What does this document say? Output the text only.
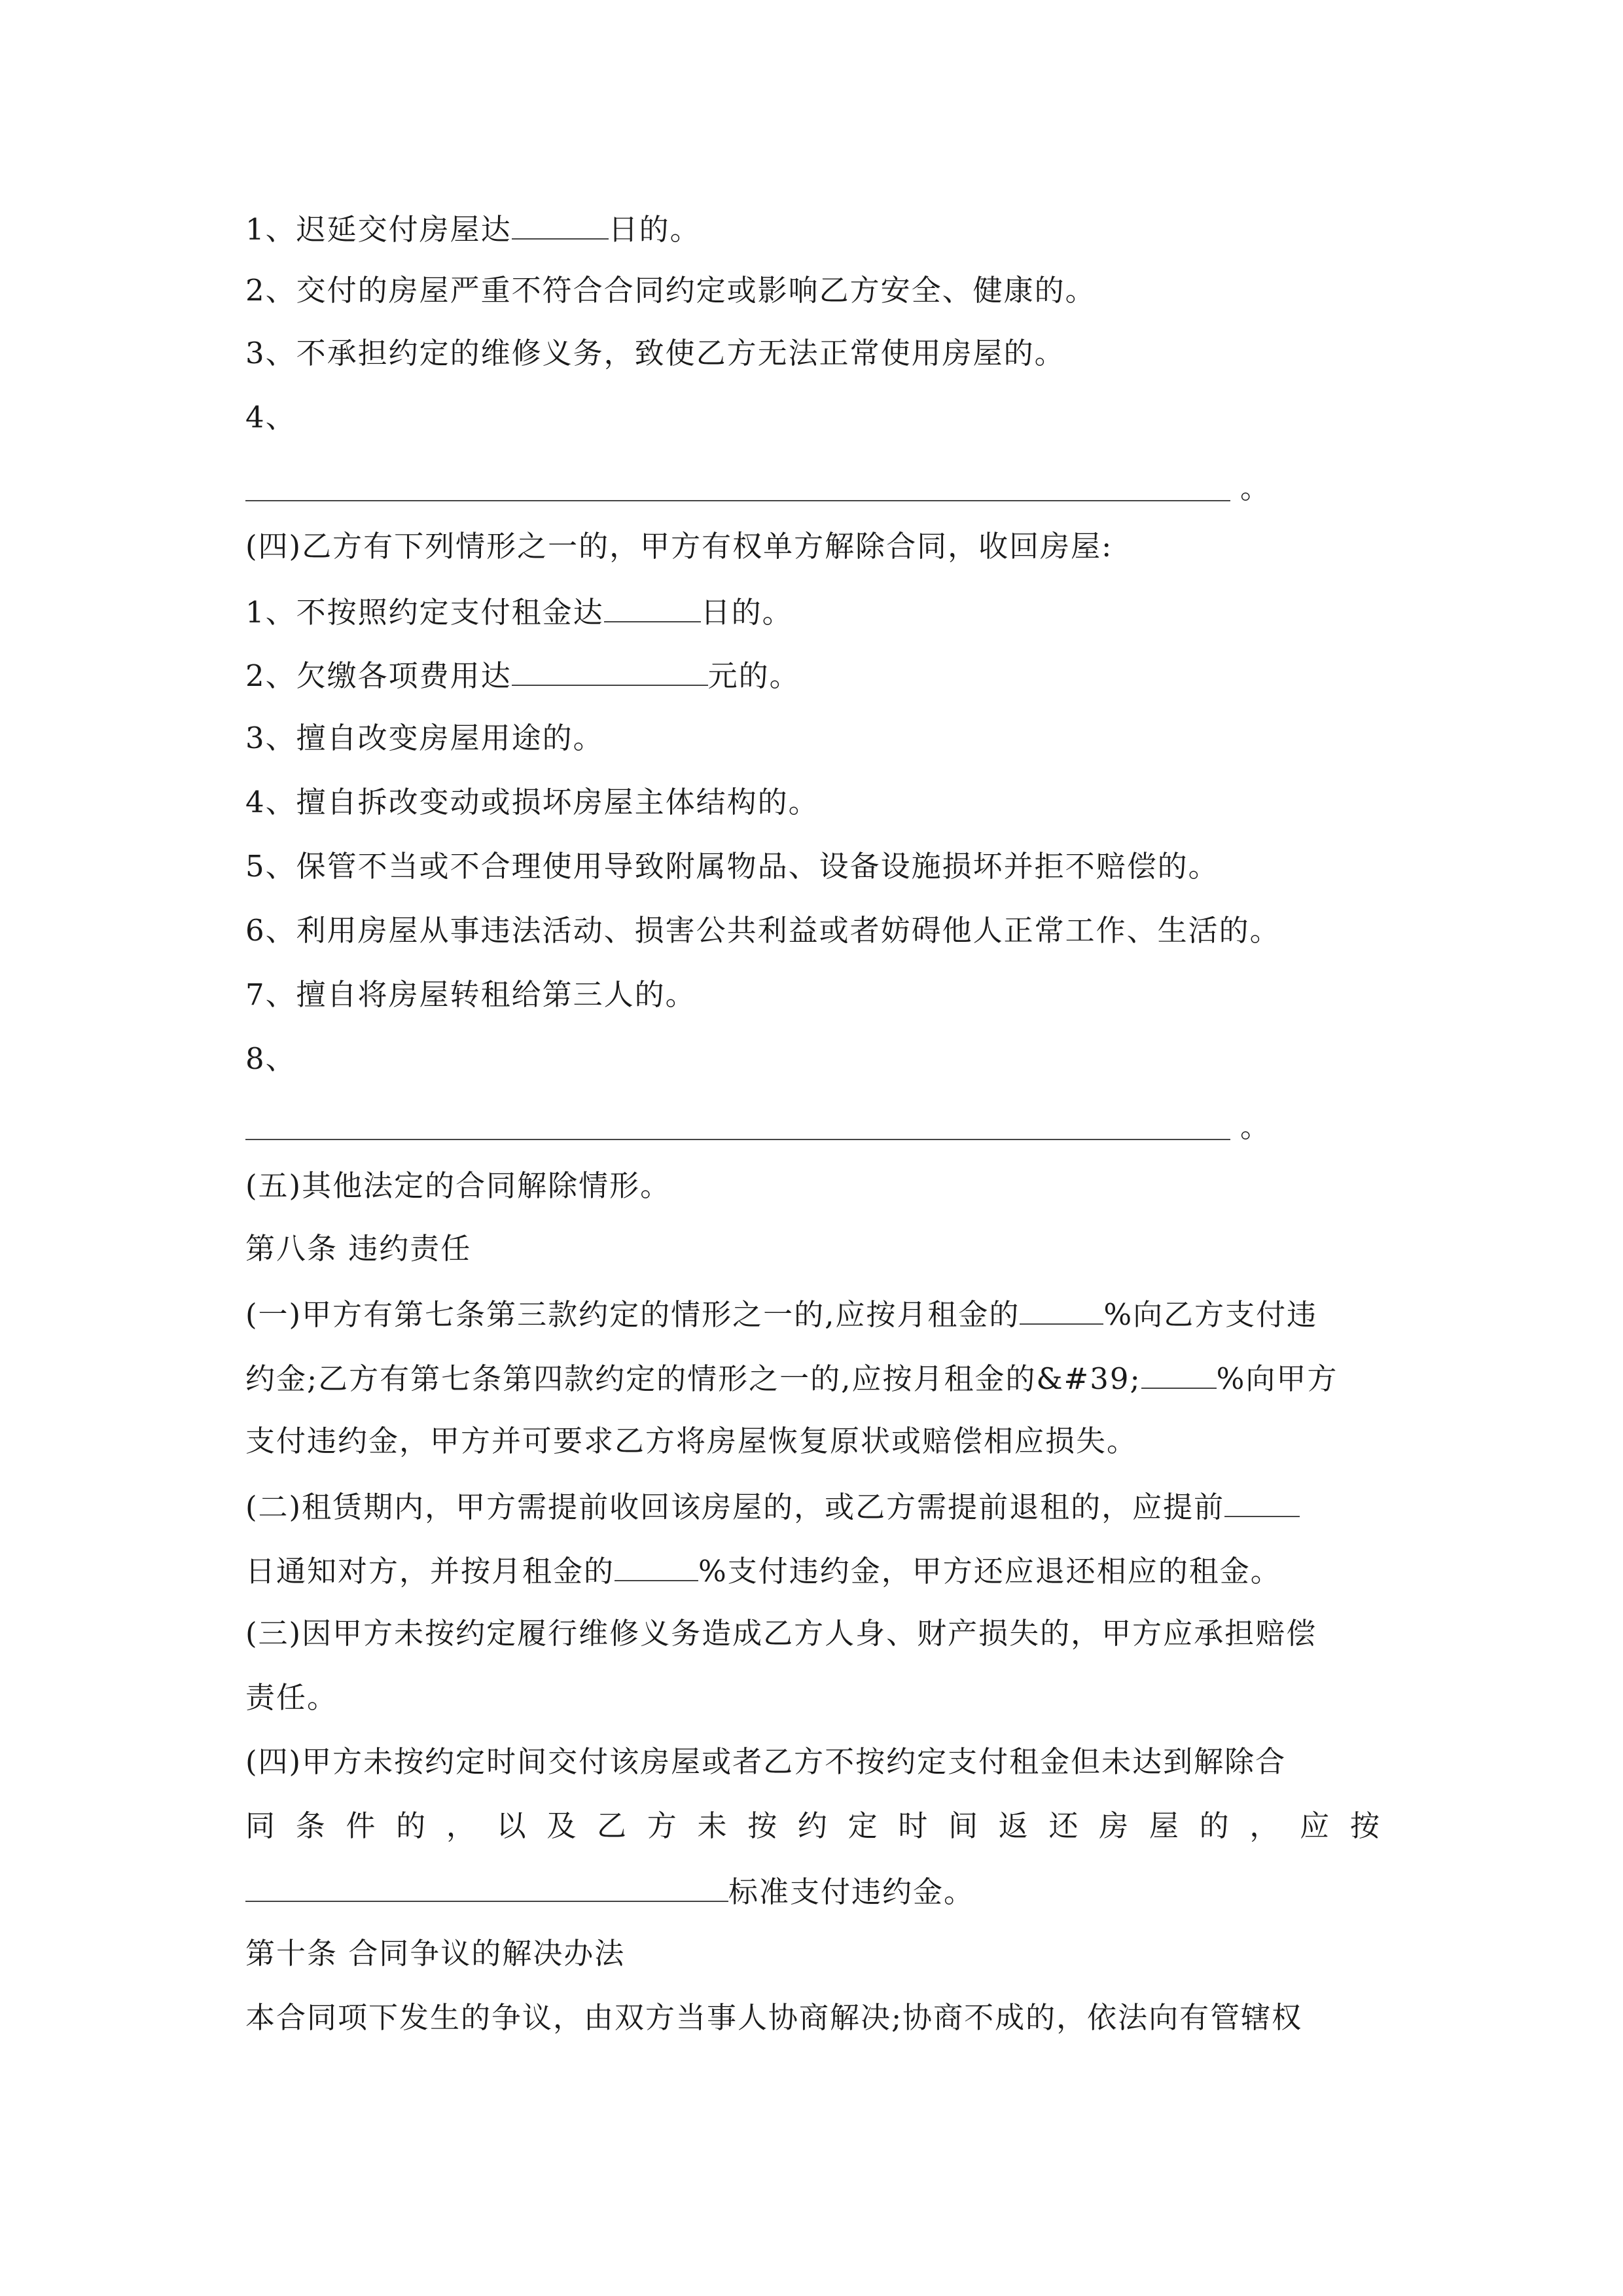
1、迟延交付房屋达	日的。
2、交付的房屋严重不符合合同约定或影响乙方安全、健康的。
3、不承担约定的维修义务，致使乙方无法正常使用房屋的。
4、
。
(四)乙方有下列情形之一的，甲方有权单方解除合同，收回房屋:
1、不按照约定支付租金达	日的。
2、欠缴各项费用达	元的。
3、擅自改变房屋用途的。
4、擅自拆改变动或损坏房屋主体结构的。
5、保管不当或不合理使用导致附属物品、设备设施损坏并拒不赔偿的。
6、利用房屋从事违法活动、损害公共利益或者妨碍他人正常工作、生活的。
7、擅自将房屋转租给第三人的。
8、
。
(五)其他法定的合同解除情形。
第八条 违约责任
(一)甲方有第七条第三款约定的情形之一的,应按月租金的	%向乙方支付违
约金;乙方有第七条第四款约定的情形之一的,应按月租金的&#39;	%向甲方
支付违约金，甲方并可要求乙方将房屋恢复原状或赔偿相应损失。
(二)租赁期内，甲方需提前收回该房屋的，或乙方需提前退租的，应提前
日通知对方，并按月租金的	%支付违约金，甲方还应退还相应的租金。
(三)因甲方未按约定履行维修义务造成乙方人身、财产损失的，甲方应承担赔偿
责任。
(四)甲方未按约定时间交付该房屋或者乙方不按约定支付租金但未达到解除合
同 条 件 的 ， 以 及 乙 方 未 按 约 定 时 间 返 还 房 屋 的 ， 应 按
标准支付违约金。
第十条 合同争议的解决办法
本合同项下发生的争议，由双方当事人协商解决;协商不成的，依法向有管辖权
